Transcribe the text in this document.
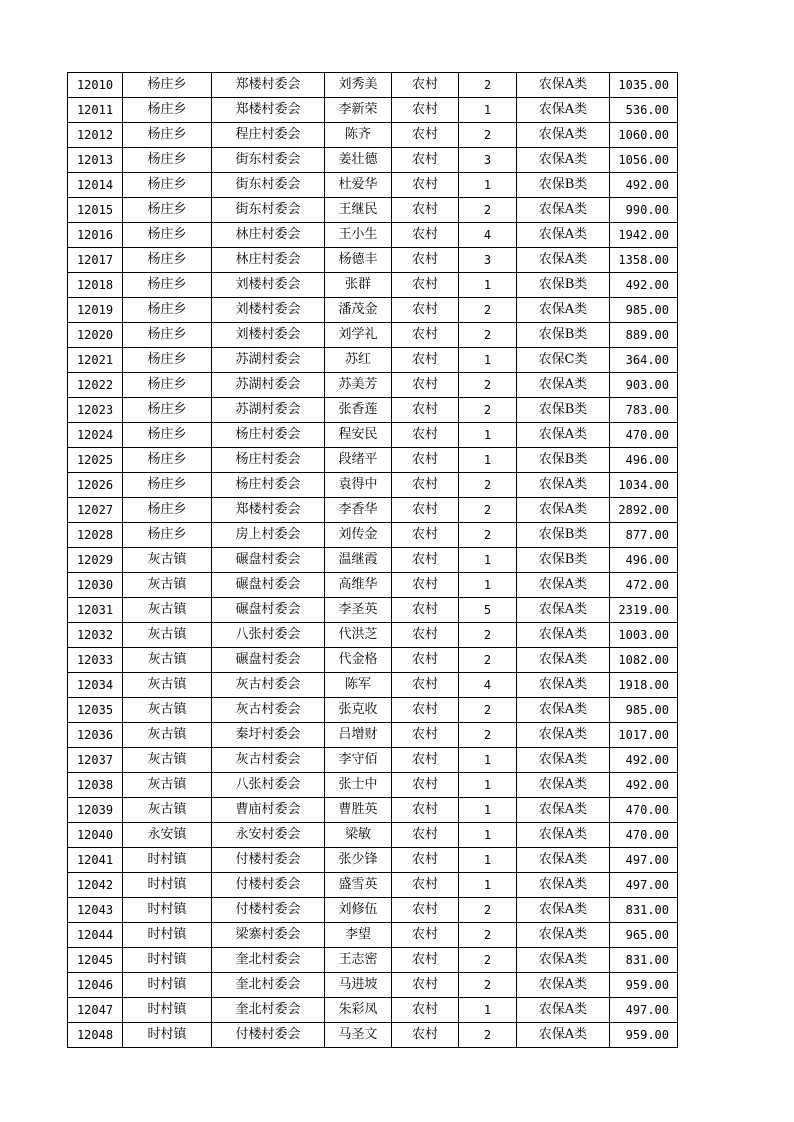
12010	杨庄乡	郑楼村委会	刘秀美	农村	2	农保A类	1035.00
12011	杨庄乡	郑楼村委会	李新荣	农村	1	农保A类	536.00
12012	杨庄乡	程庄村委会	陈齐	农村	2	农保A类	1060.00
12013	杨庄乡	街东村委会	姜壮德	农村	3	农保A类	1056.00
12014	杨庄乡	街东村委会	杜爱华	农村	1	农保B类	492.00
12015	杨庄乡	街东村委会	王继民	农村	2	农保A类	990.00
12016	杨庄乡	林庄村委会	王小生	农村	4	农保A类	1942.00
12017	杨庄乡	林庄村委会	杨德丰	农村	3	农保A类	1358.00
12018	杨庄乡	刘楼村委会	张群	农村	1	农保B类	492.00
12019	杨庄乡	刘楼村委会	潘茂金	农村	2	农保A类	985.00
12020	杨庄乡	刘楼村委会	刘学礼	农村	2	农保B类	889.00
12021	杨庄乡	苏湖村委会	苏红	农村	1	农保C类	364.00
12022	杨庄乡	苏湖村委会	苏美芳	农村	2	农保A类	903.00
12023	杨庄乡	苏湖村委会	张香莲	农村	2	农保B类	783.00
12024	杨庄乡	杨庄村委会	程安民	农村	1	农保A类	470.00
12025	杨庄乡	杨庄村委会	段绪平	农村	1	农保B类	496.00
12026	杨庄乡	杨庄村委会	袁得中	农村	2	农保A类	1034.00
12027	杨庄乡	郑楼村委会	李香华	农村	2	农保A类	2892.00
12028	杨庄乡	房上村委会	刘传金	农村	2	农保B类	877.00
12029	灰古镇	碾盘村委会	温继霞	农村	1	农保B类	496.00
12030	灰古镇	碾盘村委会	高维华	农村	1	农保A类	472.00
12031	灰古镇	碾盘村委会	李圣英	农村	5	农保A类	2319.00
12032	灰古镇	八张村委会	代洪芝	农村	2	农保A类	1003.00
12033	灰古镇	碾盘村委会	代金格	农村	2	农保A类	1082.00
12034	灰古镇	灰古村委会	陈军	农村	4	农保A类	1918.00
12035	灰古镇	灰古村委会	张克收	农村	2	农保A类	985.00
12036	灰古镇	秦圩村委会	吕增财	农村	2	农保A类	1017.00
12037	灰古镇	灰古村委会	李守佰	农村	1	农保A类	492.00
12038	灰古镇	八张村委会	张士中	农村	1	农保A类	492.00
12039	灰古镇	曹庙村委会	曹胜英	农村	1	农保A类	470.00
12040	永安镇	永安村委会	梁敏	农村	1	农保A类	470.00
12041	时村镇	付楼村委会	张少锋	农村	1	农保A类	497.00
12042	时村镇	付楼村委会	盛雪英	农村	1	农保A类	497.00
12043	时村镇	付楼村委会	刘修伍	农村	2	农保A类	831.00
12044	时村镇	梁寨村委会	李望	农村	2	农保A类	965.00
12045	时村镇	奎北村委会	王志密	农村	2	农保A类	831.00
12046	时村镇	奎北村委会	马进坡	农村	2	农保A类	959.00
12047	时村镇	奎北村委会	朱彩凤	农村	1	农保A类	497.00
12048	时村镇	付楼村委会	马圣文	农村	2	农保A类	959.00
